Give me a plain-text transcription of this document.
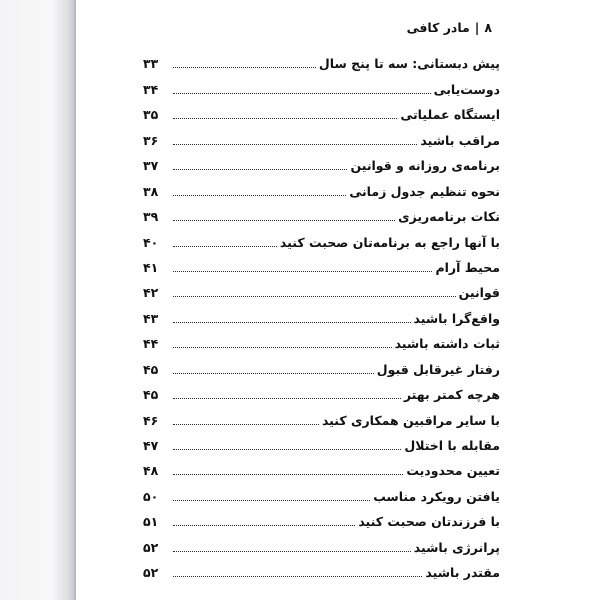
۸|مادر کافی
پیش دبستانی: سه تا پنج سال
۳۳
دوست‌یابی
۳۴
ایستگاه عملیاتی
۳۵
مراقب باشید
۳۶
برنامه‌ی روزانه و قوانین
۳۷
نحوه تنظیم جدول زمانی
۳۸
نکات برنامه‌ریزی
۳۹
با آنها راجع به برنامه‌تان صحبت کنید
۴۰
محیط آرام
۴۱
قوانین
۴۲
واقع‌گرا باشید
۴۳
ثبات داشته باشید
۴۴
رفتار غیرقابل قبول
۴۵
هرچه کمتر بهتر
۴۵
با سایر مراقبین همکاری کنید
۴۶
مقابله با اختلال
۴۷
تعیین محدودیت
۴۸
یافتن رویکرد مناسب
۵۰
با فرزندتان صحبت کنید
۵۱
پرانرژی باشید
۵۲
مقتدر باشید
۵۲
